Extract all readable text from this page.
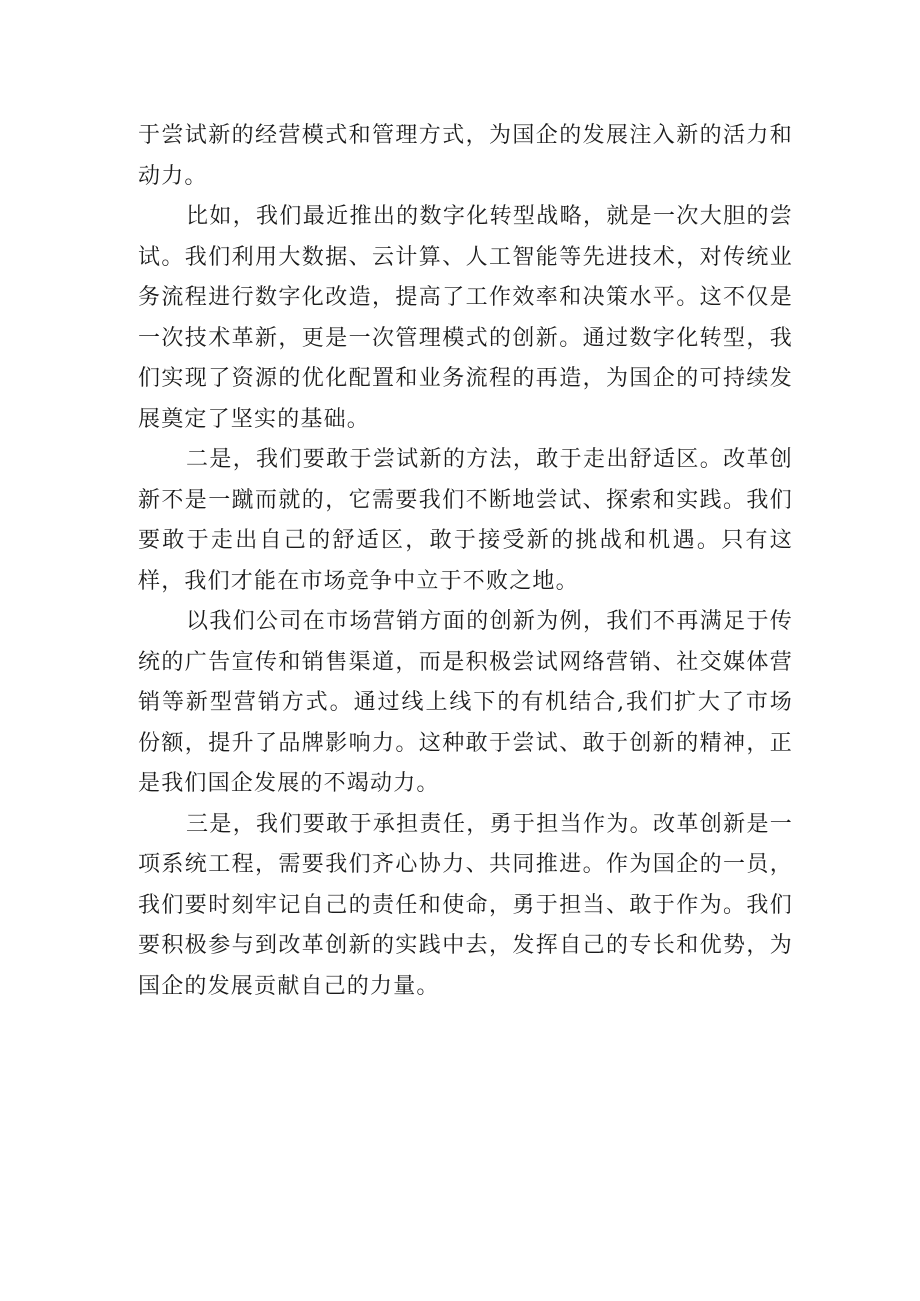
于尝试新的经营模式和管理方式，为国企的发展注入新的活力和动力。

比如，我们最近推出的数字化转型战略，就是一次大胆的尝试。我们利用大数据、云计算、人工智能等先进技术，对传统业务流程进行数字化改造，提高了工作效率和决策水平。这不仅是一次技术革新，更是一次管理模式的创新。通过数字化转型，我们实现了资源的优化配置和业务流程的再造，为国企的可持续发展奠定了坚实的基础。

二是，我们要敢于尝试新的方法，敢于走出舒适区。改革创新不是一蹴而就的，它需要我们不断地尝试、探索和实践。我们要敢于走出自己的舒适区，敢于接受新的挑战和机遇。只有这样，我们才能在市场竞争中立于不败之地。

以我们公司在市场营销方面的创新为例，我们不再满足于传统的广告宣传和销售渠道，而是积极尝试网络营销、社交媒体营销等新型营销方式。通过线上线下的有机结合,我们扩大了市场份额，提升了品牌影响力。这种敢于尝试、敢于创新的精神，正是我们国企发展的不竭动力。

三是，我们要敢于承担责任，勇于担当作为。改革创新是一项系统工程，需要我们齐心协力、共同推进。作为国企的一员，我们要时刻牢记自己的责任和使命，勇于担当、敢于作为。我们要积极参与到改革创新的实践中去，发挥自己的专长和优势，为国企的发展贡献自己的力量。
